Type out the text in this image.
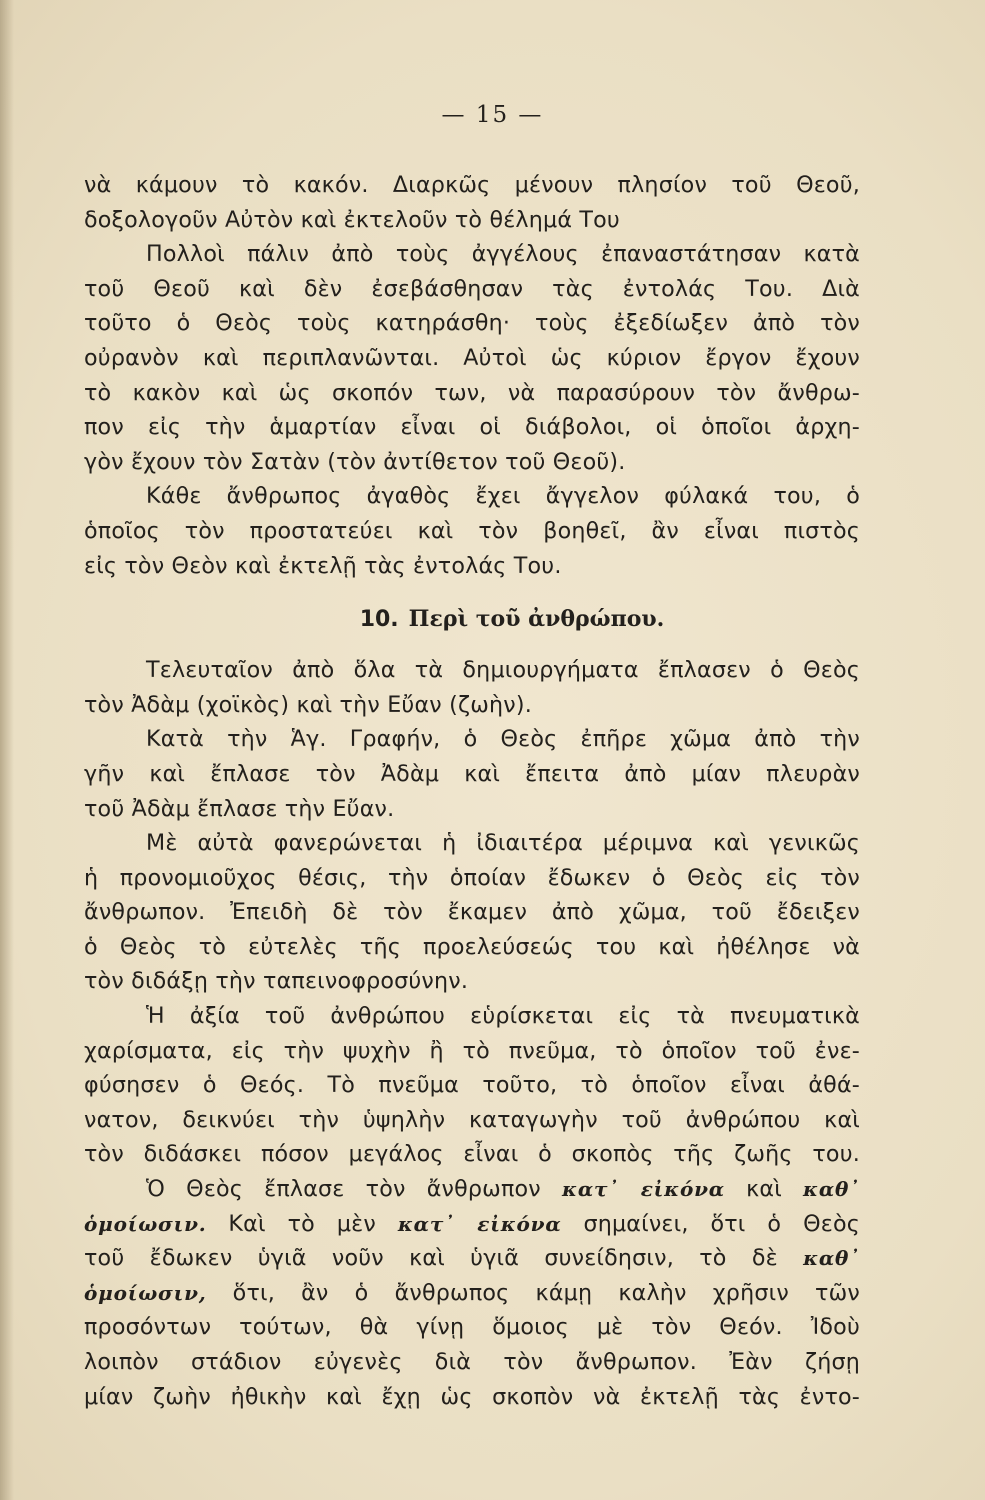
— 15 —
νὰ κάμουν τὸ κακόν. Διαρκῶς μένουν πλησίον τοῦ Θεοῦ,
δοξολογοῦν Αὐτὸν καὶ ἐκτελοῦν τὸ θέλημά Του
Πολλοὶ πάλιν ἀπὸ τοὺς ἀγγέλους ἐπαναστάτησαν κατὰ
τοῦ Θεοῦ καὶ δὲν ἐσεβάσθησαν τὰς ἐντολάς Του. Διὰ
τοῦτο ὁ Θεὸς τοὺς κατηράσθη· τοὺς ἐξεδίωξεν ἀπὸ τὸν
οὐρανὸν καὶ περιπλανῶνται. Αὐτοὶ ὡς κύριον ἔργον ἔχουν
τὸ κακὸν καὶ ὡς σκοπόν των, νὰ παρασύρουν τὸν ἄνθρω-
πον εἰς τὴν ἁμαρτίαν εἶναι οἱ διάβολοι, οἱ ὁποῖοι ἀρχη-
γὸν ἔχουν τὸν Σατὰν (τὸν ἀντίθετον τοῦ Θεοῦ).
Κάθε ἄνθρωπος ἀγαθὸς ἔχει ἄγγελον φύλακά του, ὁ
ὁποῖος τὸν προστατεύει καὶ τὸν βοηθεῖ, ἂν εἶναι πιστὸς
εἰς τὸν Θεὸν καὶ ἐκτελῇ τὰς ἐντολάς Του.
10. Περὶ τοῦ ἀνθρώπου.
Τελευταῖον ἀπὸ ὅλα τὰ δημιουργήματα ἔπλασεν ὁ Θεὸς
τὸν Ἀδὰμ (χοϊκὸς) καὶ τὴν Εὔαν (ζωὴν).
Κατὰ τὴν Ἁγ. Γραφήν, ὁ Θεὸς ἐπῆρε χῶμα ἀπὸ τὴν
γῆν καὶ ἔπλασε τὸν Ἀδὰμ καὶ ἔπειτα ἀπὸ μίαν πλευρὰν
τοῦ Ἀδὰμ ἔπλασε τὴν Εὔαν.
Μὲ αὐτὰ φανερώνεται ἡ ἰδιαιτέρα μέριμνα καὶ γενικῶς
ἡ προνομιοῦχος θέσις, τὴν ὁποίαν ἔδωκεν ὁ Θεὸς εἰς τὸν
ἄνθρωπον. Ἐπειδὴ δὲ τὸν ἔκαμεν ἀπὸ χῶμα, τοῦ ἔδειξεν
ὁ Θεὸς τὸ εὐτελὲς τῆς προελεύσεώς του καὶ ἠθέλησε νὰ
τὸν διδάξῃ τὴν ταπεινοφροσύνην.
Ἡ ἀξία τοῦ ἀνθρώπου εὑρίσκεται εἰς τὰ πνευματικὰ
χαρίσματα, εἰς τὴν ψυχὴν ἢ τὸ πνεῦμα, τὸ ὁποῖον τοῦ ἐνε-
φύσησεν ὁ Θεός. Τὸ πνεῦμα τοῦτο, τὸ ὁποῖον εἶναι ἀθά-
νατον, δεικνύει τὴν ὑψηλὴν καταγωγὴν τοῦ ἀνθρώπου καὶ
τὸν διδάσκει πόσον μεγάλος εἶναι ὁ σκοπὸς τῆς ζωῆς του.
Ὁ Θεὸς ἔπλασε τὸν ἄνθρωπον κατ᾿ εἰκόνα καὶ καθ᾿
ὁμοίωσιν. Καὶ τὸ μὲν κατ᾿ εἰκόνα σημαίνει, ὅτι ὁ Θεὸς
τοῦ ἔδωκεν ὑγιᾶ νοῦν καὶ ὑγιᾶ συνείδησιν, τὸ δὲ καθ᾿
ὁμοίωσιν, ὅτι, ἂν ὁ ἄνθρωπος κάμῃ καλὴν χρῆσιν τῶν
προσόντων τούτων, θὰ γίνῃ ὅμοιος μὲ τὸν Θεόν. Ἰδοὺ
λοιπὸν στάδιον εὐγενὲς διὰ τὸν ἄνθρωπον. Ἐὰν ζήσῃ
μίαν ζωὴν ἠθικὴν καὶ ἔχῃ ὡς σκοπὸν νὰ ἐκτελῇ τὰς ἐντο-
